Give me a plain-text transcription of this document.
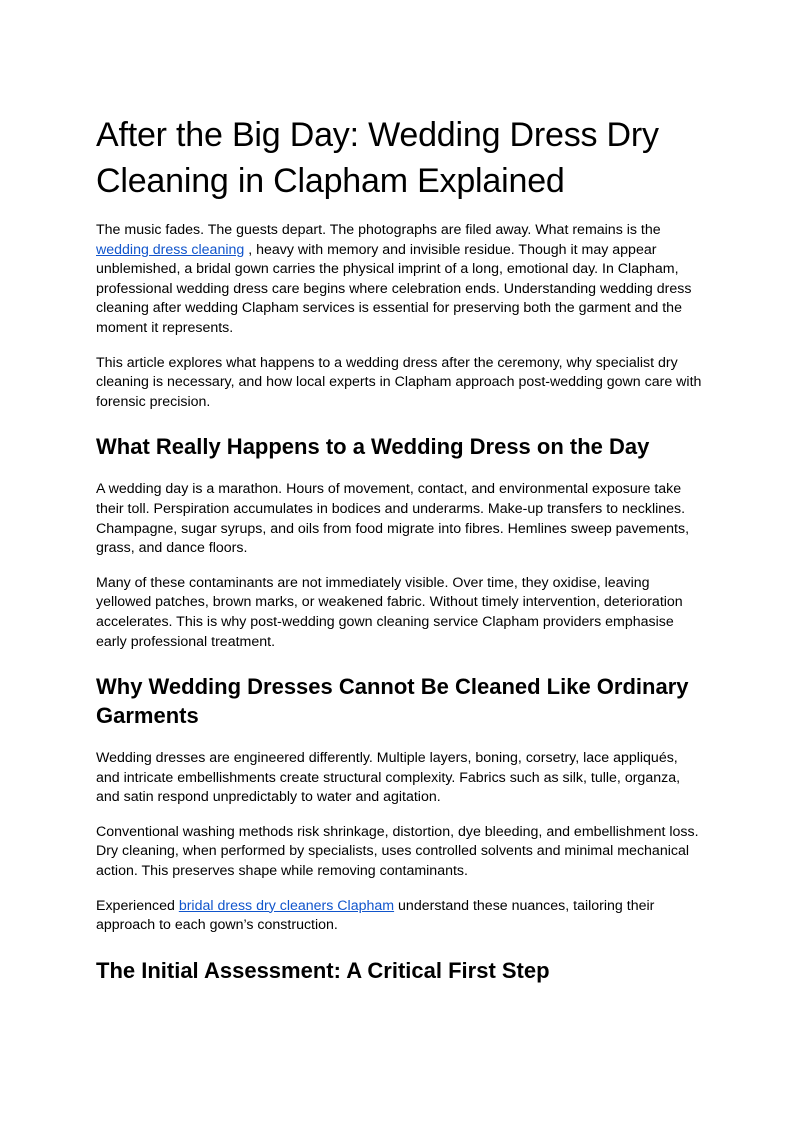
After the Big Day: Wedding Dress Dry Cleaning in Clapham Explained

The music fades. The guests depart. The photographs are filed away. What remains is the wedding dress cleaning , heavy with memory and invisible residue. Though it may appear unblemished, a bridal gown carries the physical imprint of a long, emotional day. In Clapham, professional wedding dress care begins where celebration ends. Understanding wedding dress cleaning after wedding Clapham services is essential for preserving both the garment and the moment it represents.

This article explores what happens to a wedding dress after the ceremony, why specialist dry cleaning is necessary, and how local experts in Clapham approach post-wedding gown care with forensic precision.

What Really Happens to a Wedding Dress on the Day

A wedding day is a marathon. Hours of movement, contact, and environmental exposure take their toll. Perspiration accumulates in bodices and underarms. Make-up transfers to necklines. Champagne, sugar syrups, and oils from food migrate into fibres. Hemlines sweep pavements, grass, and dance floors.

Many of these contaminants are not immediately visible. Over time, they oxidise, leaving yellowed patches, brown marks, or weakened fabric. Without timely intervention, deterioration accelerates. This is why post-wedding gown cleaning service Clapham providers emphasise early professional treatment.

Why Wedding Dresses Cannot Be Cleaned Like Ordinary Garments

Wedding dresses are engineered differently. Multiple layers, boning, corsetry, lace appliqués, and intricate embellishments create structural complexity. Fabrics such as silk, tulle, organza, and satin respond unpredictably to water and agitation.

Conventional washing methods risk shrinkage, distortion, dye bleeding, and embellishment loss. Dry cleaning, when performed by specialists, uses controlled solvents and minimal mechanical action. This preserves shape while removing contaminants.

Experienced bridal dress dry cleaners Clapham understand these nuances, tailoring their approach to each gown’s construction.

The Initial Assessment: A Critical First Step
